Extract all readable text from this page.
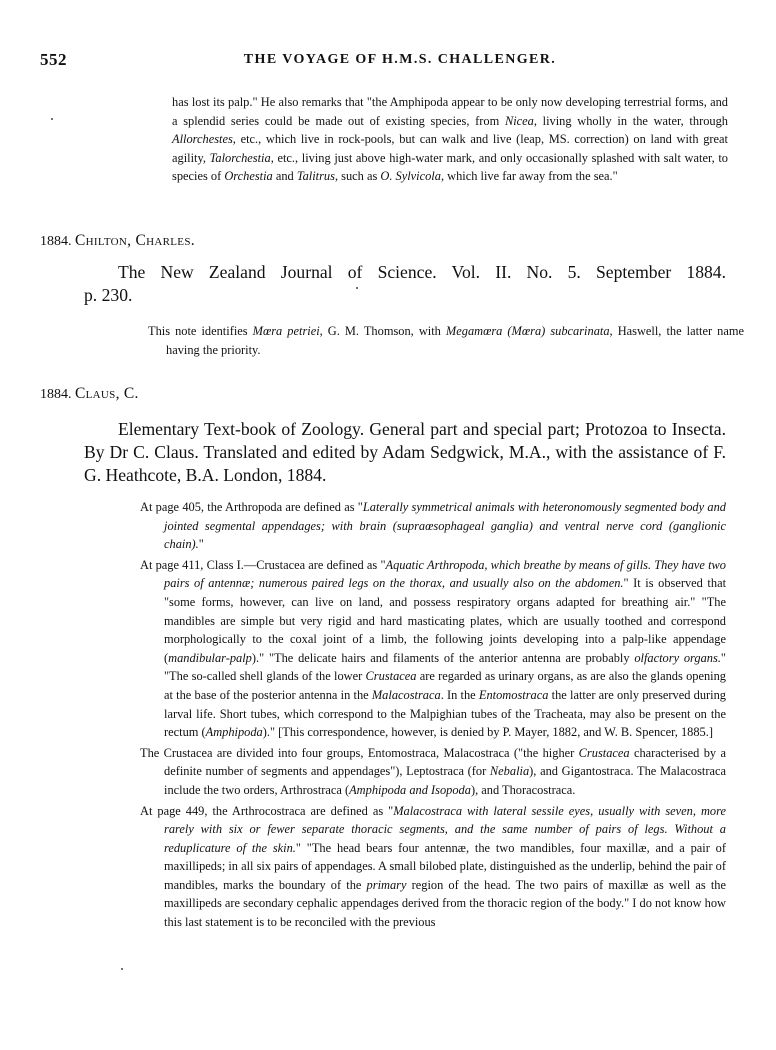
552	THE VOYAGE OF H.M.S. CHALLENGER.

has lost its palp." He also remarks that "the Amphipoda appear to be only now developing terrestrial forms, and a splendid series could be made out of existing species, from Nicea, living wholly in the water, through Allorchestes, etc., which live in rock-pools, but can walk and live (leap, MS. correction) on land with great agility, Talorchestia, etc., living just above high-water mark, and only occasionally splashed with salt water, to species of Orchestia and Talitrus, such as O. Sylvicola, which live far away from the sea."

1884. Chilton, Charles.
The New Zealand Journal of Science. Vol. II. No. 5. September 1884.
p. 230.

This note identifies Mœra petriei, G. M. Thomson, with Megamœra (Mœra) subcarinata, Haswell, the latter name having the priority.

1884. Claus, C.

Elementary Text-book of Zoology. General part and special part; Protozoa to Insecta. By Dr C. Claus. Translated and edited by Adam Sedgwick, M.A., with the assistance of F. G. Heathcote, B.A. London, 1884.

At page 405, the Arthropoda are defined as "Laterally symmetrical animals with heteronomously segmented body and jointed segmental appendages; with brain (supraœsophageal ganglia) and ventral nerve cord (ganglionic chain)."

At page 411, Class I.—Crustacea are defined as "Aquatic Arthropoda, which breathe by means of gills. They have two pairs of antennæ; numerous paired legs on the thorax, and usually also on the abdomen." It is observed that "some forms, however, can live on land, and possess respiratory organs adapted for breathing air." "The mandibles are simple but very rigid and hard masticating plates, which are usually toothed and correspond morphologically to the coxal joint of a limb, the following joints developing into a palp-like appendage (mandibular-palp)." "The delicate hairs and filaments of the anterior antenna are probably olfactory organs." "The so-called shell glands of the lower Crustacea are regarded as urinary organs, as are also the glands opening at the base of the posterior antenna in the Malacostraca. In the Entomostraca the latter are only preserved during larval life. Short tubes, which correspond to the Malpighian tubes of the Tracheata, may also be present on the rectum (Amphipoda)." [This correspondence, however, is denied by P. Mayer, 1882, and W. B. Spencer, 1885.]

The Crustacea are divided into four groups, Entomostraca, Malacostraca ("the higher Crustacea characterised by a definite number of segments and appendages"), Leptostraca (for Nebalia), and Gigantostraca. The Malacostraca include the two orders, Arthrostraca (Amphipoda and Isopoda), and Thoracostraca.

At page 449, the Arthrocostraca are defined as "Malacostraca with lateral sessile eyes, usually with seven, more rarely with six or fewer separate thoracic segments, and the same number of pairs of legs. Without a reduplicature of the skin." "The head bears four antennæ, the two mandibles, four maxillæ, and a pair of maxillipeds; in all six pairs of appendages. A small bilobed plate, distinguished as the underlip, behind the pair of mandibles, marks the boundary of the primary region of the head. The two pairs of maxillæ as well as the maxillipeds are secondary cephalic appendages derived from the thoracic region of the body." I do not know how this last statement is to be reconciled with the previous
